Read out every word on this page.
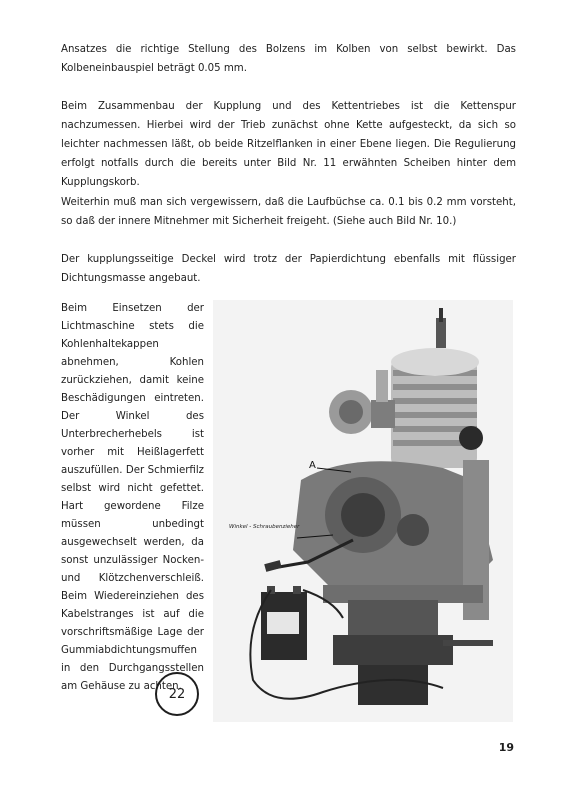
Ansatzes die richtige Stellung des Bolzens im Kolben von selbst bewirkt. Das Kolbeneinbauspiel beträgt 0.05 mm.

Beim Zusammenbau der Kupplung und des Kettentriebes ist die Kettenspur nachzumessen. Hierbei wird der Trieb zunächst ohne Kette aufgesteckt, da sich so leichter nachmessen läßt, ob beide Ritzelflanken in einer Ebene liegen. Die Regulierung erfolgt notfalls durch die bereits unter Bild Nr. 11 erwähnten Scheiben hinter dem Kupplungskorb.

Weiterhin muß man sich vergewissern, daß die Laufbüchse ca. 0.1 bis 0.2 mm vorsteht, so daß der innere Mitnehmer mit Sicherheit freigeht. (Siehe auch Bild Nr. 10.)

Der kupplungsseitige Deckel wird trotz der Papierdichtung ebenfalls mit flüssiger Dichtungsmasse angebaut.

Beim Einsetzen der Lichtmaschine stets die Kohlenhaltekappen abnehmen, Kohlen zurückziehen, damit keine Beschädigungen eintreten. Der Winkel des Unterbrecherhebels ist vorher mit Heißlagerfett auszufüllen. Der Schmierfilz selbst wird nicht gefettet. Hart gewordene Filze müssen unbedingt ausgewechselt werden, da sonst unzulässiger Nocken- und Klötzchenverschleiß. Beim Wiedereinziehen des Kabelstranges ist auf die vorschriftsmäßige Lage der Gummiabdichtungsmuffen in den Durchgangsstellen am Gehäuse zu achten.

A
Winkel - Schraubenzieher
22
19
